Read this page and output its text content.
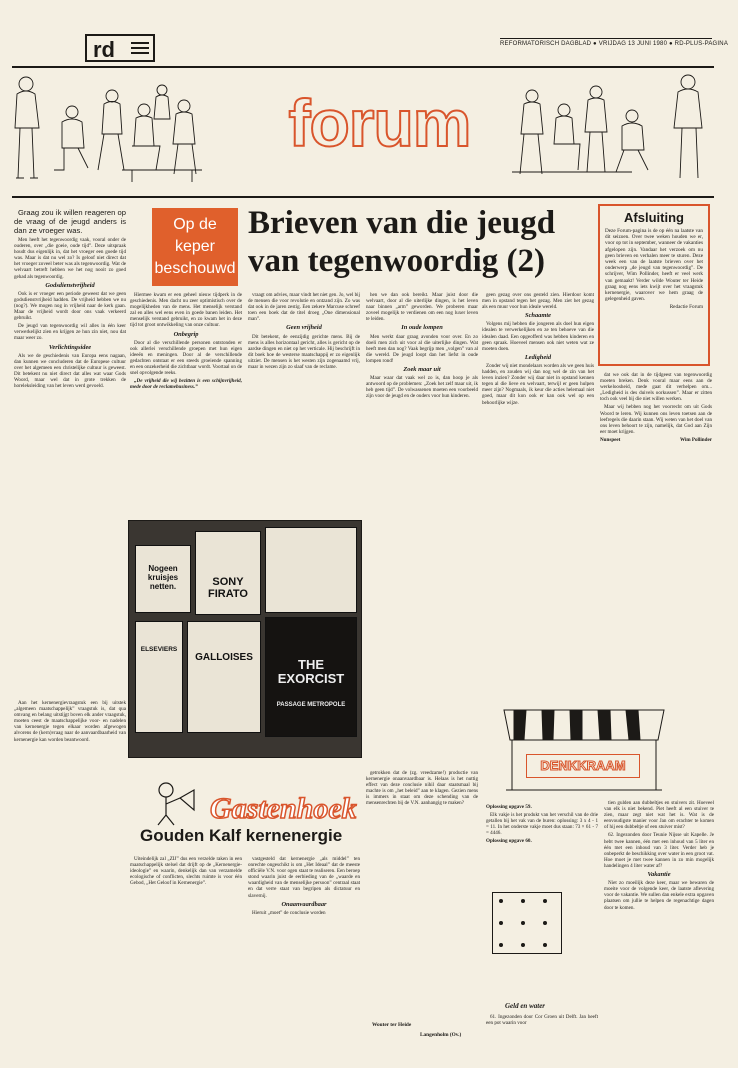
rd	REFORMATORISCH DAGBLAD ● VRIJDAG 13 JUNI 1980 ● RD-PLUS-PAGINA
forum
Op de
keper
beschouwd
Brieven van die jeugd
van tegenwoordig (2)
Afsluiting

Deze Forum-pagina is de op één na laatste van dit seizoen. Over twee weken houden we er, voor op tot in september, wanneer de vakanties afgelopen zijn. Vandaar het verzoek om nu geen brieven en verhalen meer te sturen. Deze week een van de laatste brieven over het onderwerp „de jeugd van tegenwoordig”. De schrijver, Wim Pollinder, heeft er veel werk van gemaakt! Verder wilde Wouter ter Heide graag nog eens iets kwijt over het vraagstuk kernenergie, waarover we hem graag de gelegenheid gaven.

Redactie Forum

Graag zou ik willen reageren op de vraag of de jeugd anders is dan ze vroeger was.

Men heeft het tegenwoordig vaak, vooral onder de ouderen, over „die goeie, oude tijd”. Deze uitspraak houdt dus eigenlijk in, dat het vroeger een goede tijd was. Maar is dat nu wel zo? Is geloof niet direct dat het vroeger zoveel beter was als tegenwoordig. Wat de welvaart betreft hebben we het nog nooit zo goed gehad als tegenwoordig.

Godsdienstvrijheid

Ook is er vroeger een periode geweest dat we geen godsdienstvrijheid hadden. De vrijheid hebben we nu (nog?). We mogen nog in vrijheid naar de kerk gaan. Maar de vrijheid wordt door ons vaak verkeerd gebruikt.

De jeugd van tegenwoordig wil alles in één keer verwerkelijkt zien en krijgen ze hun zin niet, nou dat maar weer zo.

Verlichtingsidee

Als we de geschiedenis van Europa eens nagaan, dan kunnen we concluderen dat de Europese cultuur over het algemeen een christelijke cultuur is geweest. Dit betekent nu niet direct dat alles wat waar Gods Woord, maar wel dat in grote trekken de horeleksleiding van het leven werd gevoeld.

Aan het kernenergievraagstuk een bij uitstek „algemeen maatschappelijk” vraagstuk is, dat qua omvang en belang uitstijgt boven elk ander vraagstuk, moeten ceest de maatschappelijke voor- en nadelen van kernenergie tegen elkaar worden afgewogen alvorens de (kern)vraag naar de aanvaardbaarheid van kernenergie kan worden beantwoord.

Hiermee kwam er een geheel nieuw tijdperk in de geschiedenis. Men dacht nu zeer optimistisch over de mogelijkheden van de mens. Het menselijk verstand zal en alles wel eens even in goede banen leiden. Het menselijk verstand gebruikt, en zo kwam het in deze tijd tot groot ontwikkeling van onze cultuur.

Onbegrip

Door al die verschillende personen ontstonden er ook allerlei verschillende groepen met hun eigen ideeën en meningen. Door al de verschillende gedachten ontstaat er een steeds groeiende spanning en een onzekerheid die zichtbaar wordt. Voortaal on de snel opvolgende reeks.

„De vrijheid die wij bezitten is een schijnvrijheid, mede door de reclamebusiness.”

vraagt om advies, maar vindt het niet gen. Jo, wel bij de mensen die voor revolutie en ontzand zijn. Zo was dat ook in de jaren zestig. Een zekere Marcuse schreef toen een boek dat de titel droeg „One dimensional man”.

Geen vrijheid

Dit betekent, de eenzijdig gerichte mens. Bij de mens is alles horizontaal gericht, alles is gericht op de aardse dingen en niet op het verticale. Hij beschrijft in dit boek hoe de westerse maatschappij er zo eigenlijk uitziet. De mensen is het westen zijn zogenaamd vrij, maar in wezen zijn zo slaaf van de reclame.

hen we dan ook bereikt. Maar juist door die welvaart, door al die uiterlijke dingen, is het leven naar binnen „arm” geworden. We proberen maar zoveel mogelijk te verdienen om een nog luxer leven te leiden.

In oude lompen

Men werkt daar graag avonden voor over. En zo doeli men zich uit voor al die uiterlijke dingen. Wat heeft men dan nog? Vaak begrijp men „volgen” van al die wereld. De jeugd loopt dan het liefst in oude lompen rond!

Zoek maar uit

Maar waar dat vaak wel zo is, dan hoop je als antwoord op de problemen: „Zoek het zelf maar uit, ik heb geen tijd”. De volwassenen moeten een voorbeeld zijn voor de jeugd en de ouders voor hun kinderen.

geen gezag over ons gesteld zien. Hierdoor komt men in opstand tegen het gezag. Men ziet het gezag als een muur voor hun ideale wereld.

Schaamte

Volgens mij hebben die jongeren als doel hun eigen idealen te verwerkelijken en ze ten behoeve van die idealen daad. Een opgeofferd was hebben kinderen en geen spraak. Hoeveel mensen ook niet weten wat ze moeten doen.

Ledigheid

Zonder wij niet mondelaars worden als we geen huis hadden, en zouden wij dan nog wel de zin van het leven inzien? Zonder wij daar niet in opstand kennen tegen al die lieve en welvaart, terwijl er geen hulpen meer zijn? Nogmaals, ik keur die acties helemaal niet goed, maar dit kon ook er kan ook wel op een behoorlijke wijze.

dat we ook dat in de tijdgeest van tegenwoordig moeten breken. Denk vooral maar eens aan de werkeloosheid, mede gaat dit verhelpen om... „Ledigheid is des duivels oorkussen”. Maar er zitten toch ook veel bij die niet willen werken.

Maar wij hebben nog het voorrecht om uit Gods Woord te leren. Wij kunnen ons leven toetsen aan de leefregels die daarin staan. Wij weten van het doel van ons leven behoort te zijn, namelijk, dat God aan Zijn eer moet krijgen.

Nunspeet	Wim Pollinder

Nogeen kruisjes netten.	SONY FIRATO
ELSEVIERS
GALLOISES	THE EXORCIST
PASSAGE METROPOLE
Gastenhoek
Gouden Kalf kernenergie

Uiteindelijk zal „ZIJ” dus een verzelde raken in een maatschappelijk stelsel dat drijft op de „Kernenergie-ideologie” en waarin, denkelijk dan van verzamelde ecologische of conflicten, slechts ruimte is voor één Gebod, „Het Geloof in Kernenergie”.

vastgesteld dat kernenergie „als middel” ten onrechte ongeschikt is om „Het Ideaal” dat de meeste officiële V.N. voor ogen staat te realiseren. Een beroep stond waarin juist de eerbieding van de „waarde en waardigheid van de menselijke persoon” centraal staat en dat verre staat van begripen als dictatuur en slavernij.

Onaanvaardbaar

Hieruit „moet” de conclusie worden

getrokken dat de (zg. vreedzame!) productie van kernenergie onaanvaardbaar is. Helaas is het nuttig effect van deze conclusie nihil daar staatsmaal bij machte is om „het beleid” aan te klagen. Gezien mens is immers in staat om deze schending van de mensenrechten bij de V.N. aanhangig te maken?

Wouter ter Heide
Langenholm (Ov.)
DENKKRAAM

Oplossing opgave 59.

Elk vakje is het produkt van het verschil van de drie getallen bij het vak van de buren: oplossing: 3 x 4 - 1 = 11. In het onderste vakje moet dus staan: 73 × 61 - 7 = 4446.

Oplossing opgave 60.

Geld en water

61. Ingezonden door Cor Groen uit Delft. Jan heeft een pot waarin voor

tien gulden aan dubbeltjes en stuivers zit. Hoeveel van elk is niet bekend. Piet heeft al een stuiver te zien, maar zegt niet wat het is. Wat is de eenvoudigste manier voor Jan om erachter te komen of hij een dubbeltje of een stuiver mist?

62. Ingezonden door Teunie Nijsse uit Kapelle. Je hebt twee kannen, één met een inhoud van 5 liter en één met een inhoud van 3 liter. Verder heb je onbeperkt de beschikking over water in een groot vat. Hoe moet je met twee kannen in zo min mogelijk handelingen 4 liter water af?

Vakantie

Niet zo moeilijk deze keer, maar we bewaren de moeite voor de volgende keer, de laatste aflevering voor de vakantie. We sullen dan enkele extra opgaven plaatsen om jullie te helpen de regenachtige dagen door te komen.
